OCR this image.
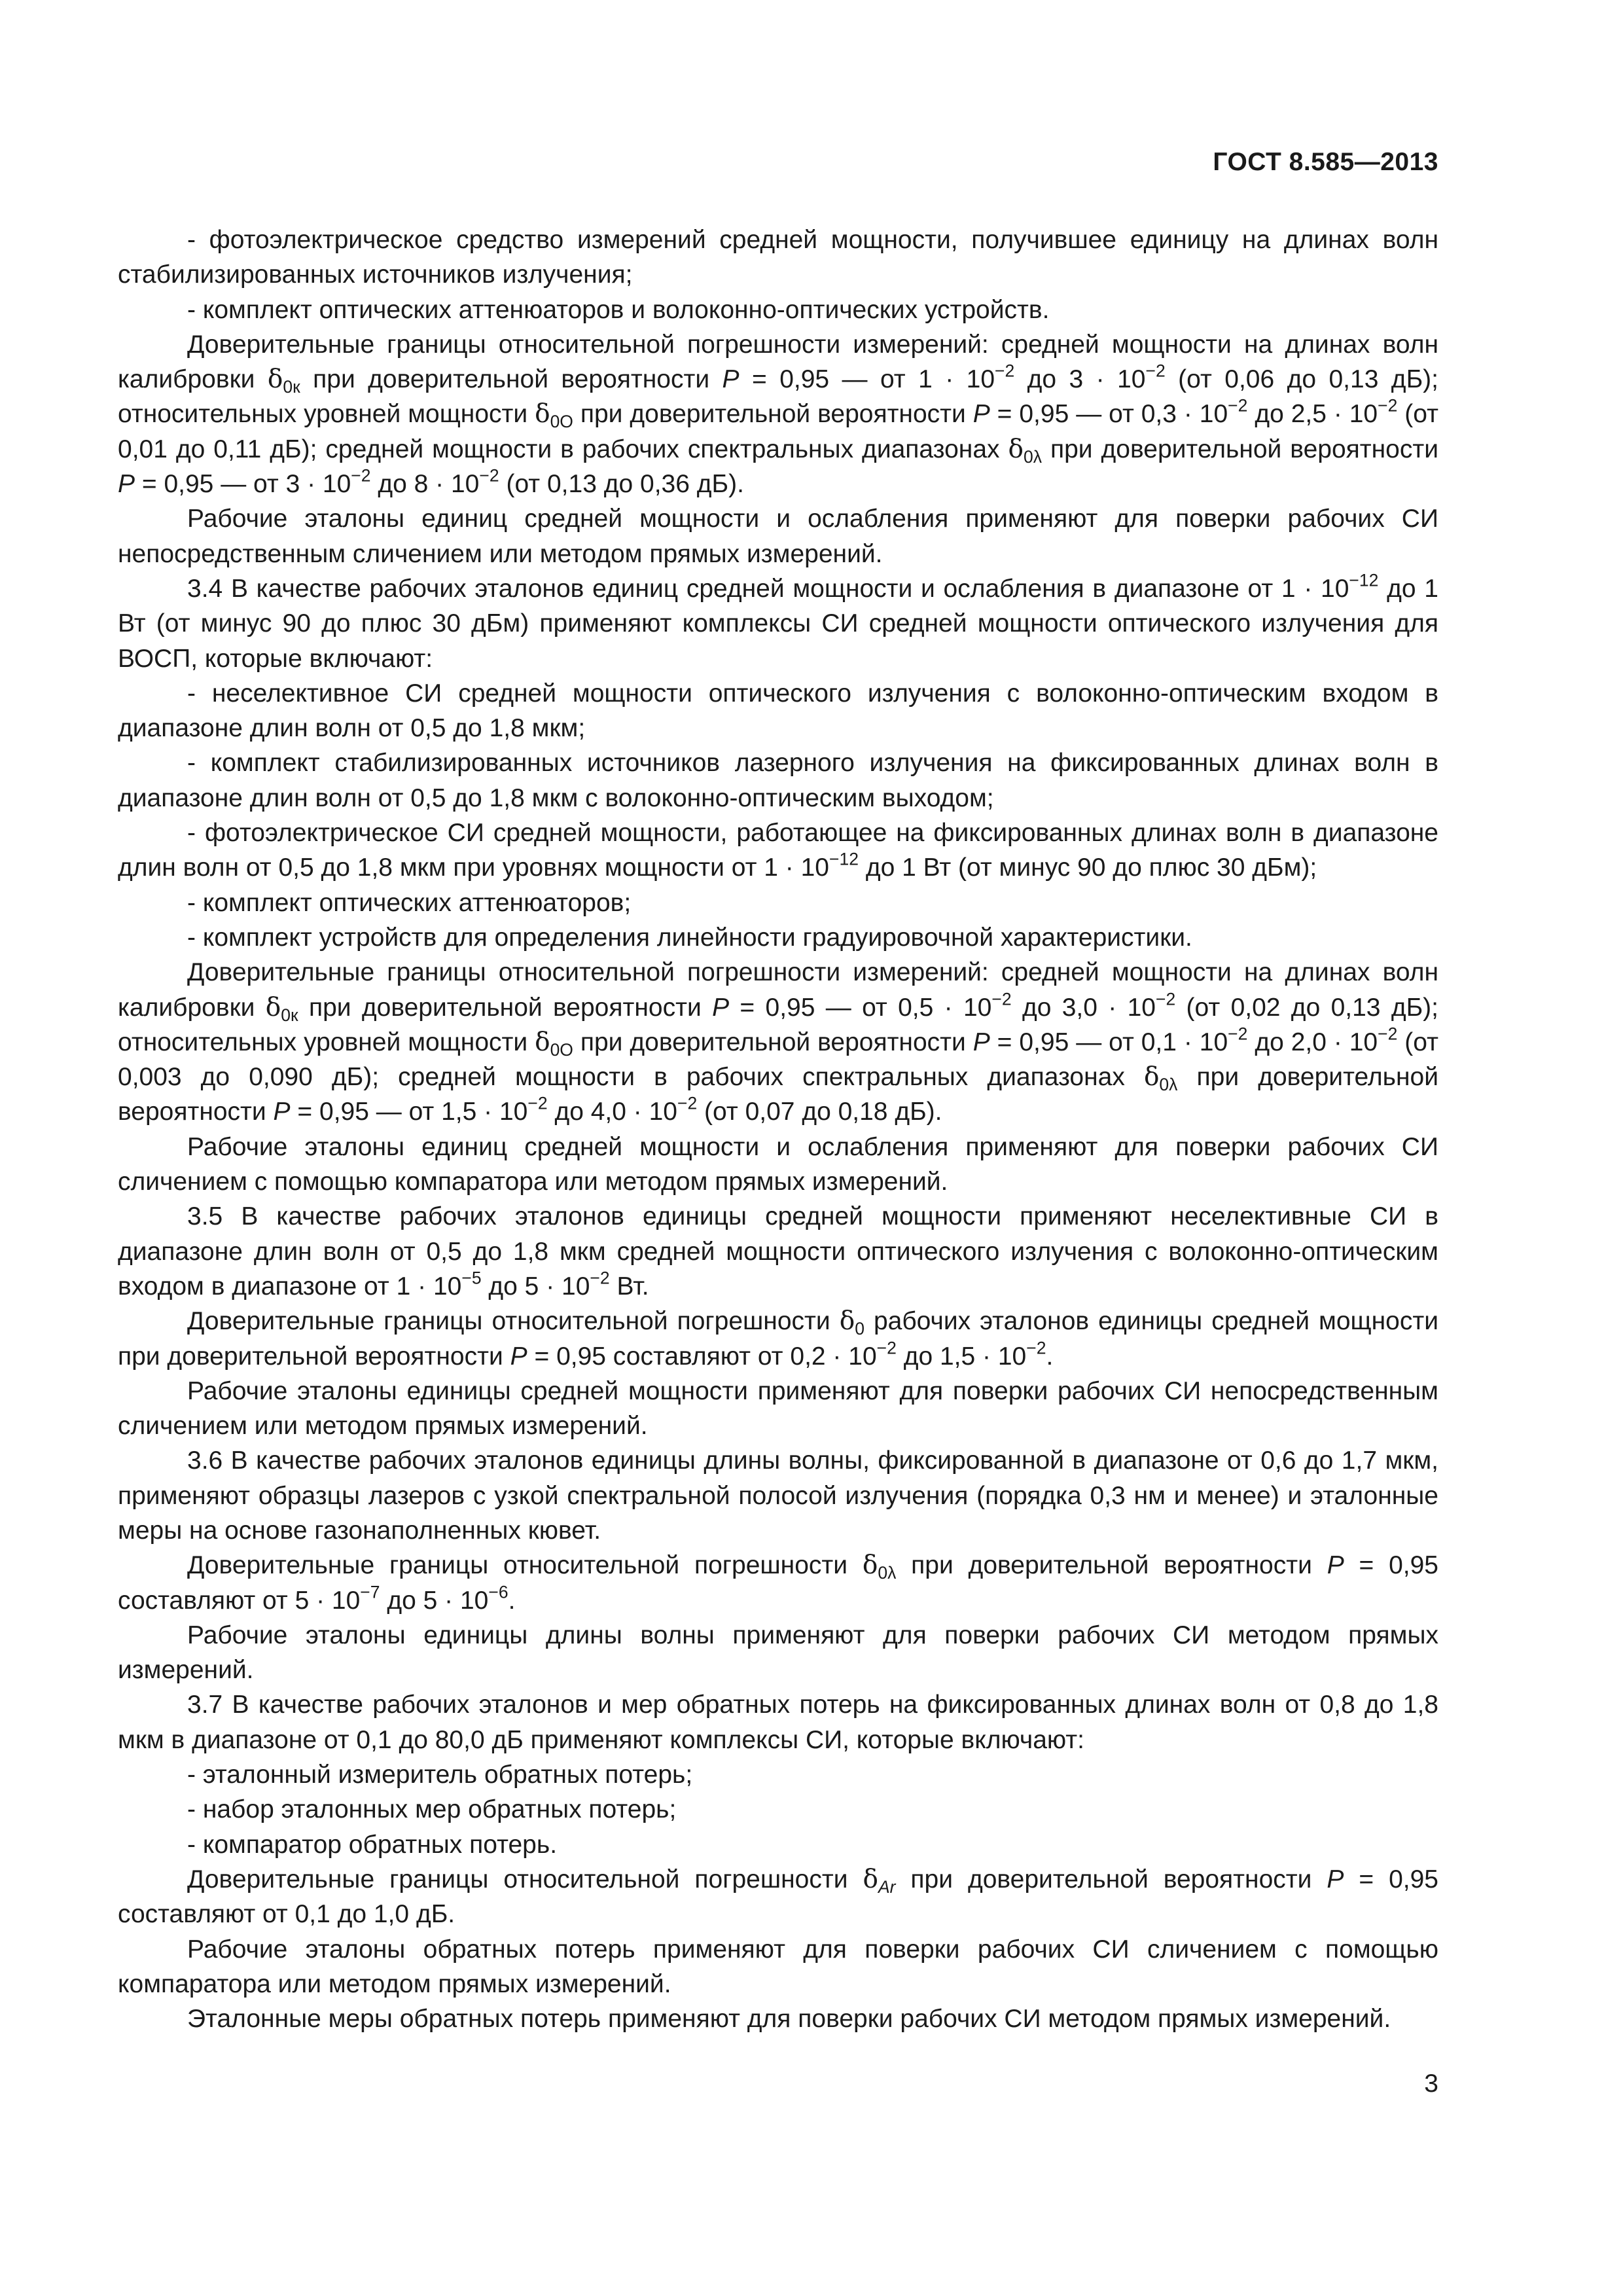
ГОСТ 8.585—2013

- фотоэлектрическое средство измерений средней мощности, получившее единицу на длинах волн стабилизированных источников излучения;

- комплект оптических аттенюаторов и волоконно-оптических устройств.

Доверительные границы относительной погрешности измерений: средней мощности на длинах волн калибровки $\delta_{0к}$ при доверительной вероятности P = 0,95 — от $1 \cdot 10^{-2}$ до $3 \cdot 10^{-2}$ (от 0,06 до 0,13 дБ); относительных уровней мощности $\delta_{0O}$ при доверительной вероятности P = 0,95 — от $0,3 \cdot 10^{-2}$ до $2,5 \cdot 10^{-2}$ (от 0,01 до 0,11 дБ); средней мощности в рабочих спектральных диапазонах $\delta_{0\lambda}$ при доверительной вероятности P = 0,95 — от $3 \cdot 10^{-2}$ до $8 \cdot 10^{-2}$ (от 0,13 до 0,36 дБ).

Рабочие эталоны единиц средней мощности и ослабления применяют для поверки рабочих СИ непосредственным сличением или методом прямых измерений.

3.4 В качестве рабочих эталонов единиц средней мощности и ослабления в диапазоне от $1 \cdot 10^{-12}$ до 1 Вт (от минус 90 до плюс 30 дБм) применяют комплексы СИ средней мощности оптического излучения для ВОСП, которые включают:

- неселективное СИ средней мощности оптического излучения с волоконно-оптическим входом в диапазоне длин волн от 0,5 до 1,8 мкм;

- комплект стабилизированных источников лазерного излучения на фиксированных длинах волн в диапазоне длин волн от 0,5 до 1,8 мкм с волоконно-оптическим выходом;

- фотоэлектрическое СИ средней мощности, работающее на фиксированных длинах волн в диапазоне длин волн от 0,5 до 1,8 мкм при уровнях мощности от $1 \cdot 10^{-12}$ до 1 Вт (от минус 90 до плюс 30 дБм);

- комплект оптических аттенюаторов;

- комплект устройств для определения линейности градуировочной характеристики.

Доверительные границы относительной погрешности измерений: средней мощности на длинах волн калибровки $\delta_{0к}$ при доверительной вероятности P = 0,95 — от $0,5 \cdot 10^{-2}$ до $3,0 \cdot 10^{-2}$ (от 0,02 до 0,13 дБ); относительных уровней мощности $\delta_{0O}$ при доверительной вероятности P = 0,95 — от $0,1 \cdot 10^{-2}$ до $2,0 \cdot 10^{-2}$ (от 0,003 до 0,090 дБ); средней мощности в рабочих спектральных диапазонах $\delta_{0\lambda}$ при доверительной вероятности P = 0,95 — от $1,5 \cdot 10^{-2}$ до $4,0 \cdot 10^{-2}$ (от 0,07 до 0,18 дБ).

Рабочие эталоны единиц средней мощности и ослабления применяют для поверки рабочих СИ сличением с помощью компаратора или методом прямых измерений.

3.5 В качестве рабочих эталонов единицы средней мощности применяют неселективные СИ в диапазоне длин волн от 0,5 до 1,8 мкм средней мощности оптического излучения с волоконно-оптическим входом в диапазоне от $1 \cdot 10^{-5}$ до $5 \cdot 10^{-2}$ Вт.

Доверительные границы относительной погрешности $\delta_0$ рабочих эталонов единицы средней мощности при доверительной вероятности P = 0,95 составляют от $0,2 \cdot 10^{-2}$ до $1,5 \cdot 10^{-2}$.

Рабочие эталоны единицы средней мощности применяют для поверки рабочих СИ непосредственным сличением или методом прямых измерений.

3.6 В качестве рабочих эталонов единицы длины волны, фиксированной в диапазоне от 0,6 до 1,7 мкм, применяют образцы лазеров с узкой спектральной полосой излучения (порядка 0,3 нм и менее) и эталонные меры на основе газонаполненных кювет.

Доверительные границы относительной погрешности $\delta_{0\lambda}$ при доверительной вероятности P = 0,95 составляют от $5 \cdot 10^{-7}$ до $5 \cdot 10^{-6}$.

Рабочие эталоны единицы длины волны применяют для поверки рабочих СИ методом прямых измерений.

3.7 В качестве рабочих эталонов и мер обратных потерь на фиксированных длинах волн от 0,8 до 1,8 мкм в диапазоне от 0,1 до 80,0 дБ применяют комплексы СИ, которые включают:

- эталонный измеритель обратных потерь;

- набор эталонных мер обратных потерь;

- компаратор обратных потерь.

Доверительные границы относительной погрешности $\delta_{Ar}$ при доверительной вероятности P = 0,95 составляют от 0,1 до 1,0 дБ.

Рабочие эталоны обратных потерь применяют для поверки рабочих СИ сличением с помощью компаратора или методом прямых измерений.

Эталонные меры обратных потерь применяют для поверки рабочих СИ методом прямых измерений.

3
